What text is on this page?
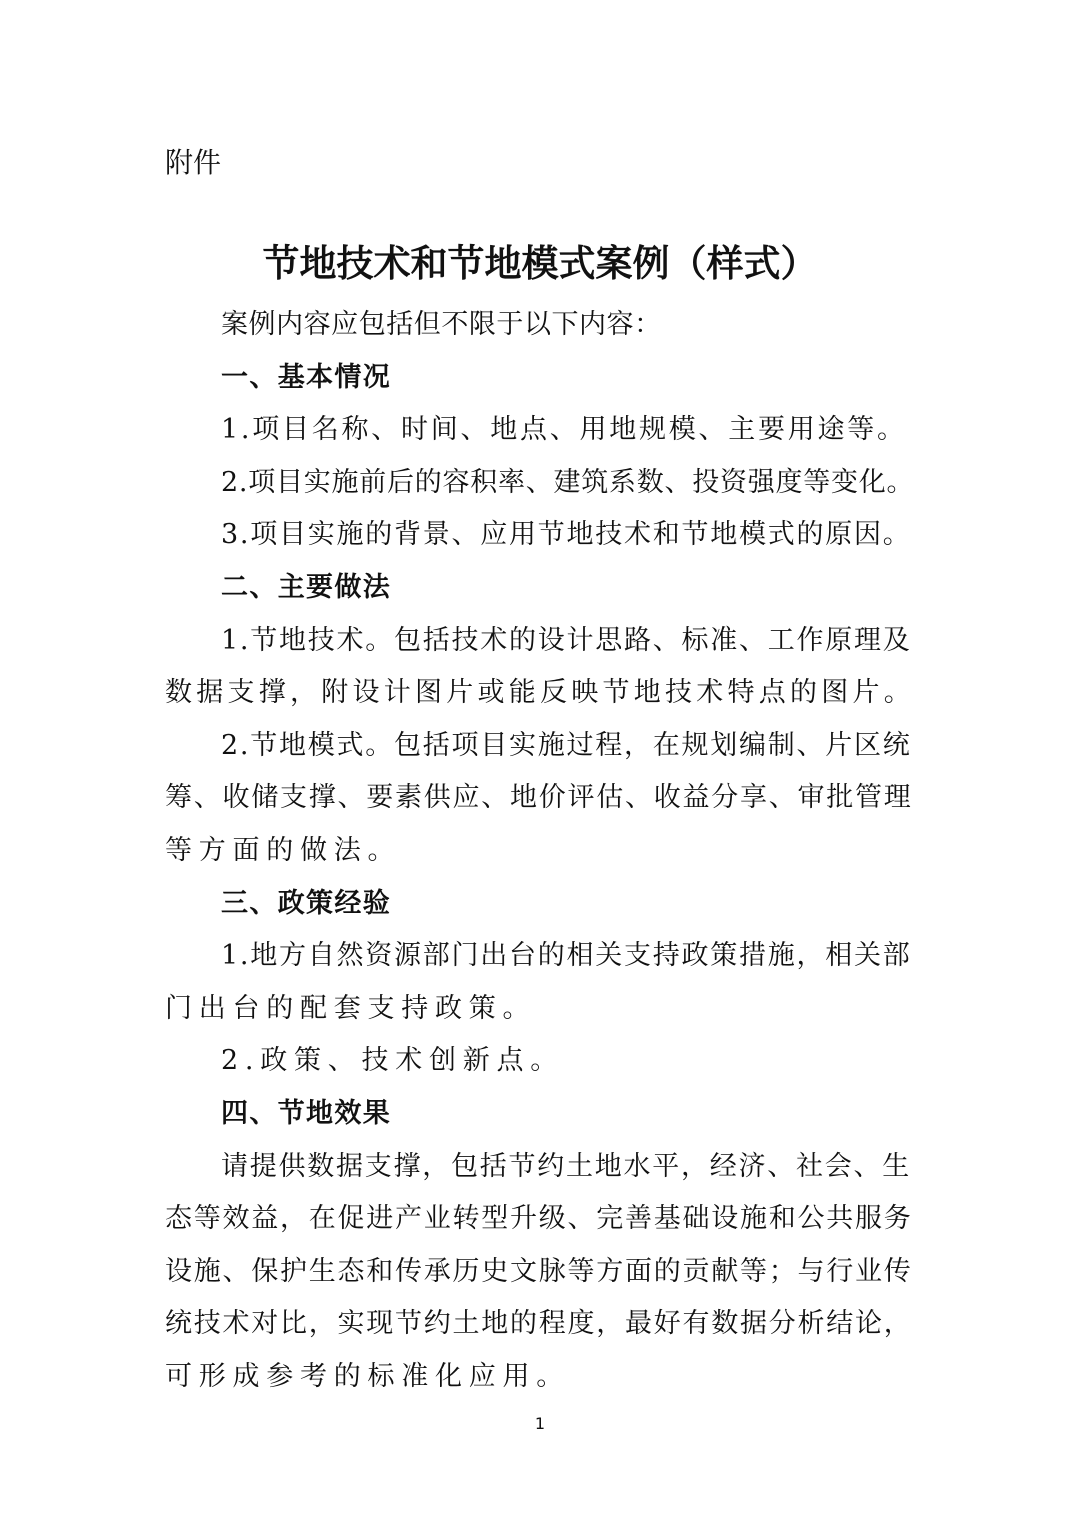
附件

节地技术和节地模式案例（样式）

案例内容应包括但不限于以下内容：

一、基本情况

1.项目名称、时间、地点、用地规模、主要用途等。

2.项目实施前后的容积率、建筑系数、投资强度等变化。

3.项目实施的背景、应用节地技术和节地模式的原因。

二、主要做法

1.节地技术。包括技术的设计思路、标准、工作原理及

数据支撑，附设计图片或能反映节地技术特点的图片。

2.节地模式。包括项目实施过程，在规划编制、片区统

筹、收储支撑、要素供应、地价评估、收益分享、审批管理

等方面的做法。

三、政策经验

1.地方自然资源部门出台的相关支持政策措施，相关部

门出台的配套支持政策。

2.政策、技术创新点。

四、节地效果

请提供数据支撑，包括节约土地水平，经济、社会、生

态等效益，在促进产业转型升级、完善基础设施和公共服务

设施、保护生态和传承历史文脉等方面的贡献等；与行业传

统技术对比，实现节约土地的程度，最好有数据分析结论，

可形成参考的标准化应用。

1
